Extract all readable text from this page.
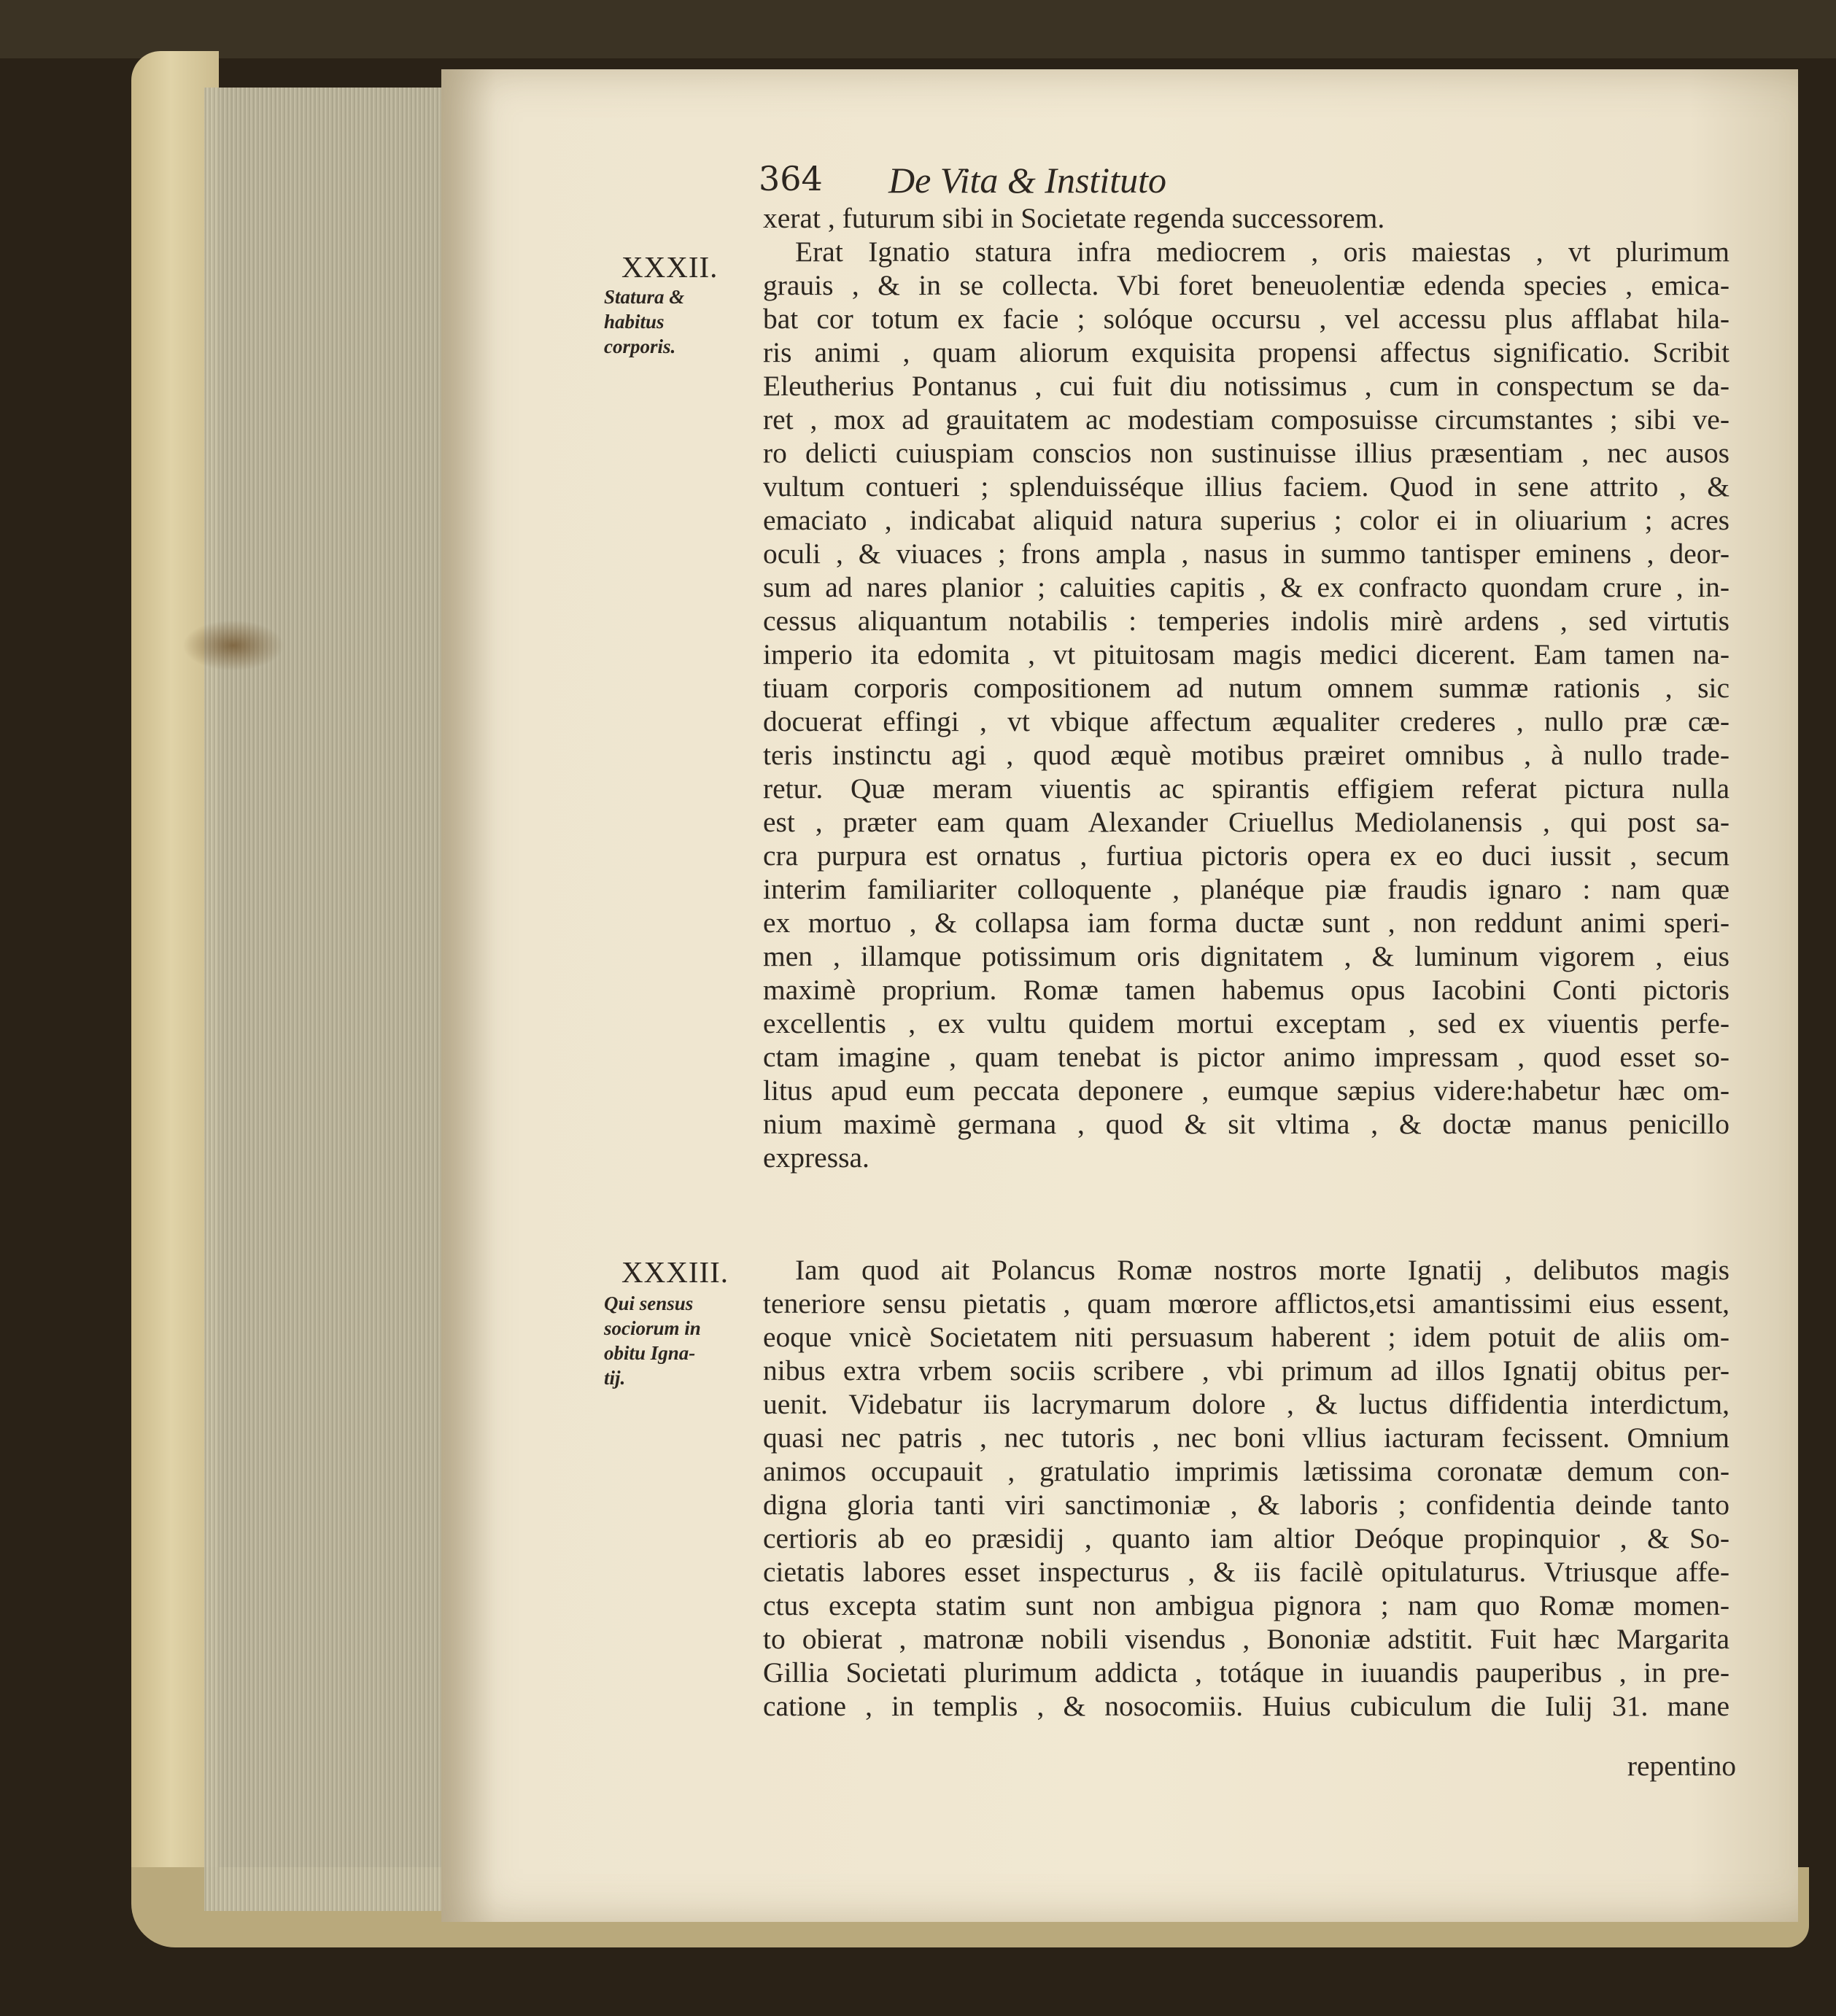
364 De Vita & Instituto
XXXII.
Statura &
habitus
corporis.
XXXIII.
Qui sensus
sociorum in
obitu Igna-
tij.
xerat , futurum sibi in Societate regenda successorem.
Erat Ignatio statura infra mediocrem , oris maiestas , vt plurimum
grauis , & in se collecta. Vbi foret beneuolentiæ edenda species , emica-
bat cor totum ex facie ; solóque occursu , vel accessu plus afflabat hila-
ris animi , quam aliorum exquisita propensi affectus significatio. Scribit
Eleutherius Pontanus , cui fuit diu notissimus , cum in conspectum se da-
ret , mox ad grauitatem ac modestiam composuisse circumstantes ; sibi ve-
ro delicti cuiuspiam conscios non sustinuisse illius præsentiam , nec ausos
vultum contueri ; splenduisséque illius faciem. Quod in sene attrito , &
emaciato , indicabat aliquid natura superius ; color ei in oliuarium ; acres
oculi , & viuaces ; frons ampla , nasus in summo tantisper eminens , deor-
sum ad nares planior ; caluities capitis , & ex confracto quondam crure , in-
cessus aliquantum notabilis : temperies indolis mirè ardens , sed virtutis
imperio ita edomita , vt pituitosam magis medici dicerent. Eam tamen na-
tiuam corporis compositionem ad nutum omnem summæ rationis , sic
docuerat effingi , vt vbique affectum æqualiter crederes , nullo præ cæ-
teris instinctu agi , quod æquè motibus præiret omnibus , à nullo trade-
retur. Quæ meram viuentis ac spirantis effigiem referat pictura nulla
est , præter eam quam Alexander Criuellus Mediolanensis , qui post sa-
cra purpura est ornatus , furtiua pictoris opera ex eo duci iussit , secum
interim familiariter colloquente , planéque piæ fraudis ignaro : nam quæ
ex mortuo , & collapsa iam forma ductæ sunt , non reddunt animi speri-
men , illamque potissimum oris dignitatem , & luminum vigorem , eius
maximè proprium. Romæ tamen habemus opus Iacobini Conti pictoris
excellentis , ex vultu quidem mortui exceptam , sed ex viuentis perfe-
ctam imagine , quam tenebat is pictor animo impressam , quod esset so-
litus apud eum peccata deponere , eumque sæpius videre:habetur hæc om-
nium maximè germana , quod & sit vltima , & doctæ manus penicillo
expressa.
Iam quod ait Polancus Romæ nostros morte Ignatij , delibutos magis
teneriore sensu pietatis , quam mœrore afflictos,etsi amantissimi eius essent,
eoque vnicè Societatem niti persuasum haberent ; idem potuit de aliis om-
nibus extra vrbem sociis scribere , vbi primum ad illos Ignatij obitus per-
uenit. Videbatur iis lacrymarum dolore , & luctus diffidentia interdictum,
quasi nec patris , nec tutoris , nec boni vllius iacturam fecissent. Omnium
animos occupauit , gratulatio imprimis lætissima coronatæ demum con-
digna gloria tanti viri sanctimoniæ , & laboris ; confidentia deinde tanto
certioris ab eo præsidij , quanto iam altior Deóque propinquior , & So-
cietatis labores esset inspecturus , & iis facilè opitulaturus. Vtriusque affe-
ctus excepta statim sunt non ambigua pignora ; nam quo Romæ momen-
to obierat , matronæ nobili visendus , Bononiæ adstitit. Fuit hæc Margarita
Gillia Societati plurimum addicta , totáque in iuuandis pauperibus , in pre-
catione , in templis , & nosocomiis. Huius cubiculum die Iulij 31. mane
repentino
